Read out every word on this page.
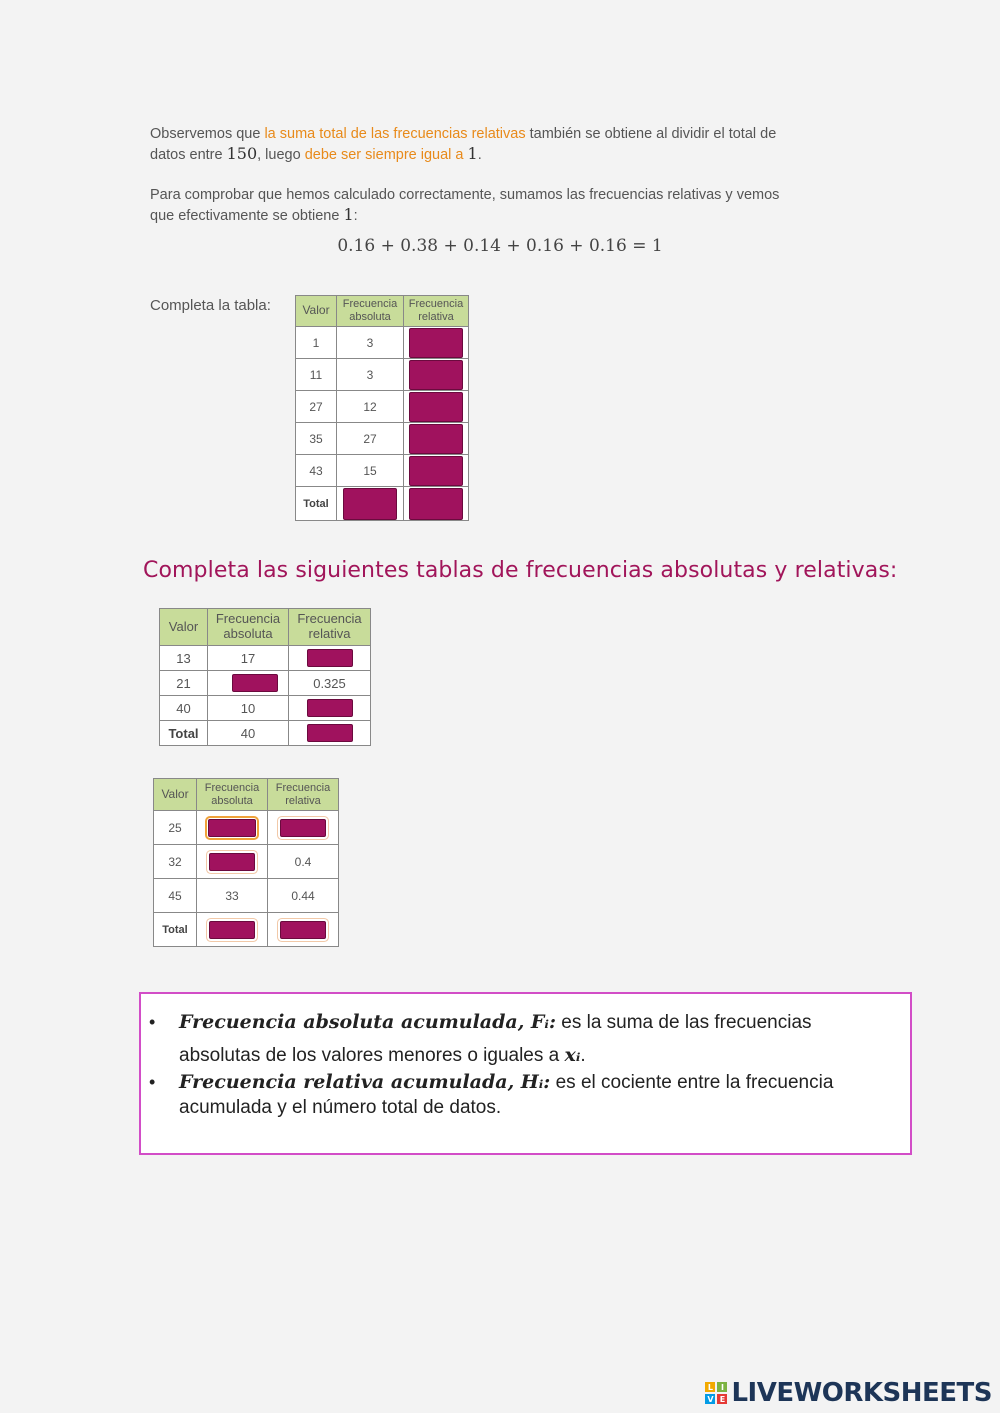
Observemos que la suma total de las frecuencias relativas también se obtiene al dividir el total de
datos entre 150, luego debe ser siempre igual a 1.
Para comprobar que hemos calculado correctamente, sumamos las frecuencias relativas y vemos
que efectivamente se obtiene 1:
0.16 + 0.38 + 0.14 + 0.16 + 0.16 = 1
Completa la tabla:	Valor	Frecuencia absoluta	Frecuencia relativa
1	3	
11	3	
27	12	
35	27	
43	15	
Total		
Completa las siguientes tablas de frecuencias absolutas y relativas:
Valor	Frecuencia absoluta	Frecuencia relativa
13	17	
21		0.325
40	10	
Total	40	
Valor	Frecuencia absoluta	Frecuencia relativa
25		
32		0.4
45	33	0.44
Total		
• Frecuencia absoluta acumulada, Fᵢ: es la suma de las frecuencias
absolutas de los valores menores o iguales a xᵢ.
• Frecuencia relativa acumulada, Hᵢ: es el cociente entre la frecuencia
acumulada y el número total de datos.
L I
V E LIVEWORKSHEETS
